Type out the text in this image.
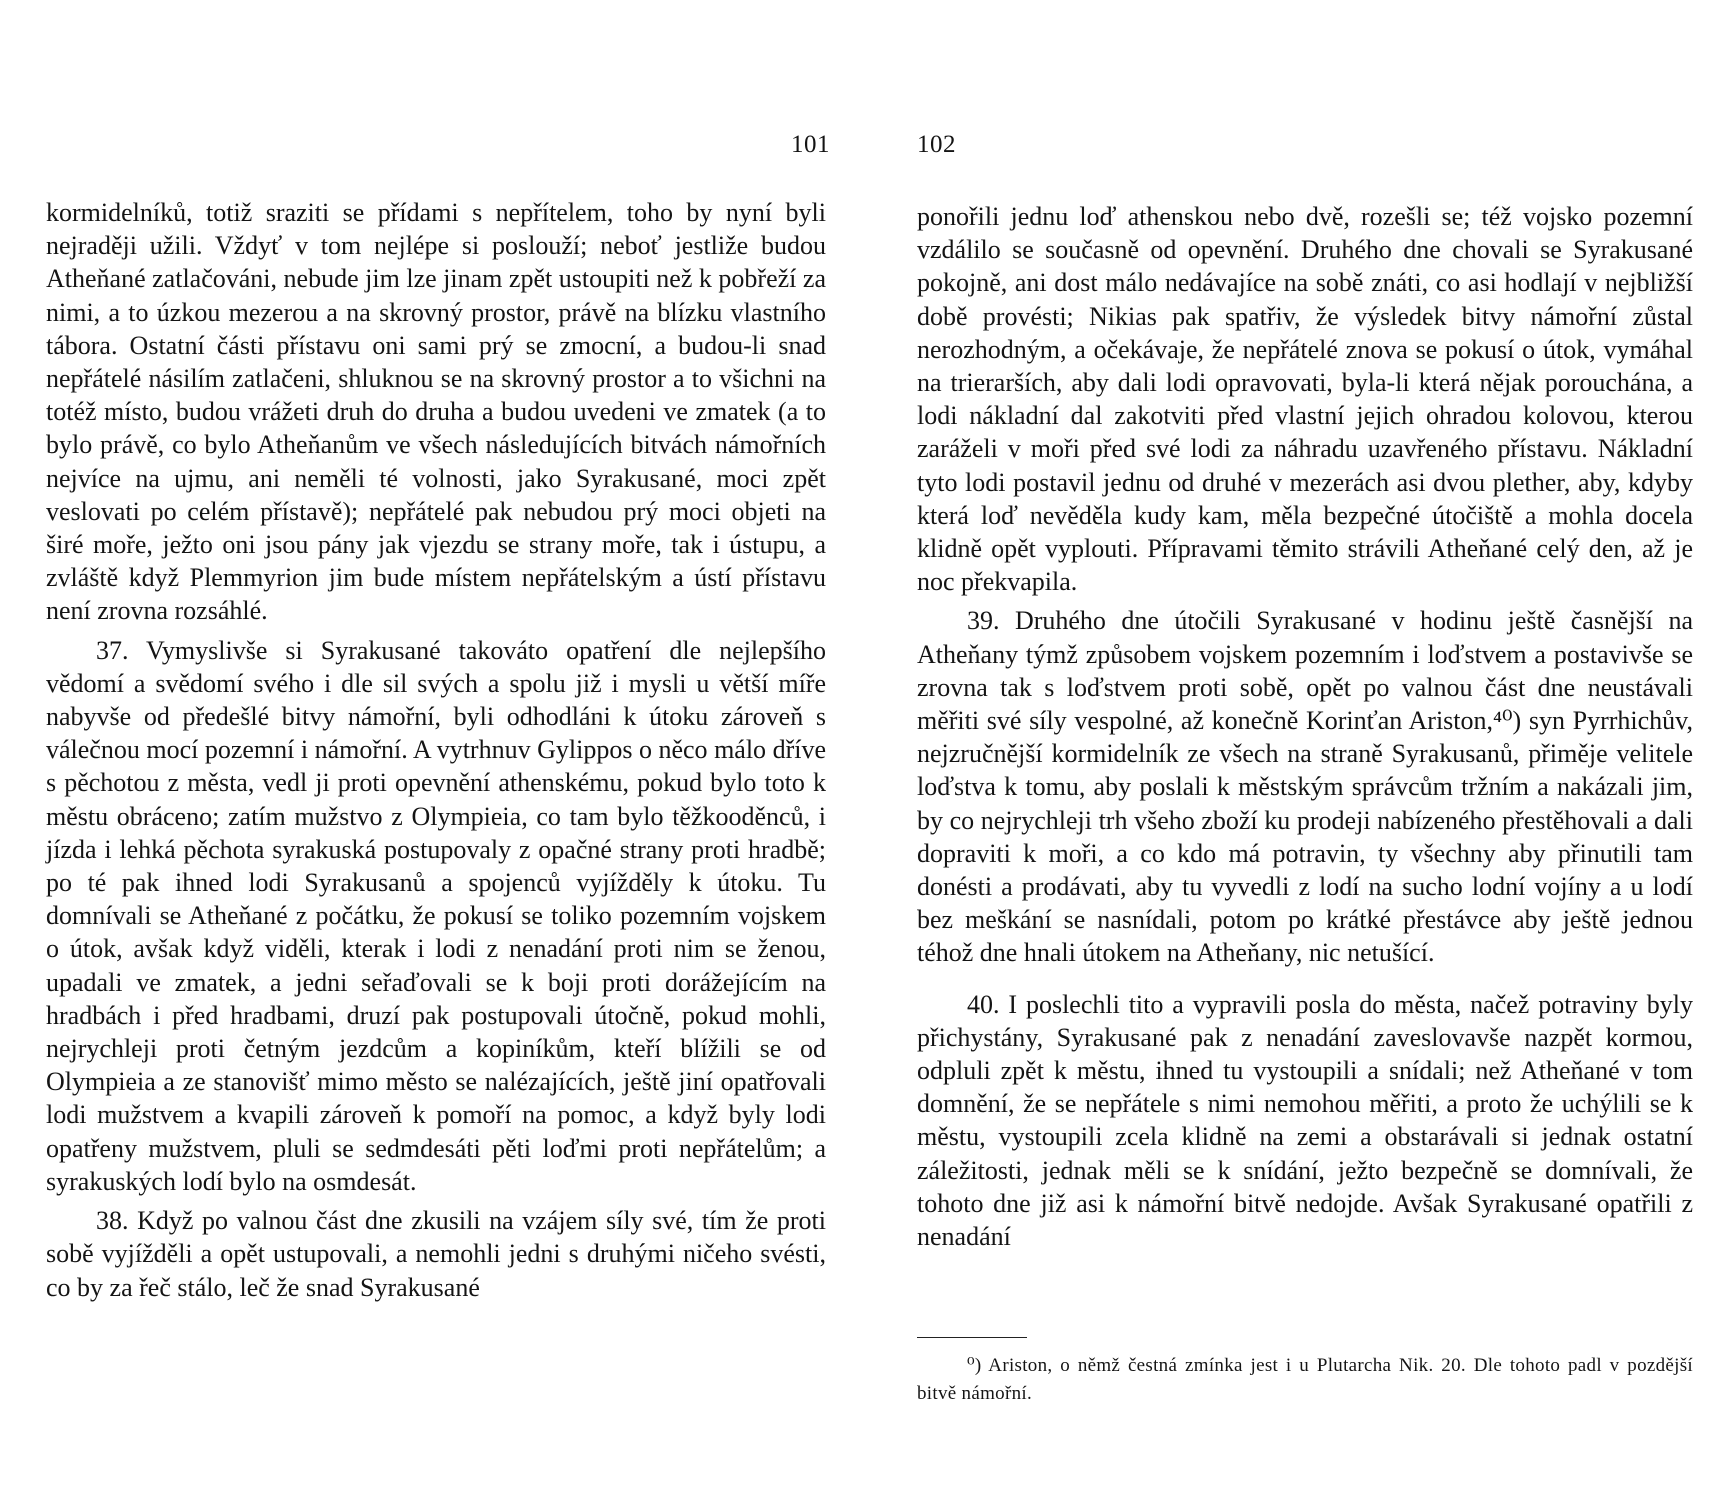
101

kormidelníků, totiž sraziti se přídami s nepřítelem, toho by nyní byli nejraději užili. Vždyť v tom nejlépe si poslouží; neboť jestliže budou Atheňané zatlačováni, nebude jim lze jinam zpět ustoupiti než k pobřeží za nimi, a to úzkou mezerou a na skrovný prostor, právě na blízku vlastního tábora. Ostatní části přístavu oni sami prý se zmocní, a budou-li snad nepřátelé násilím zatlačeni, shluknou se na skrovný prostor a to všichni na totéž místo, budou vrážeti druh do druha a budou uvedeni ve zmatek (a to bylo právě, co bylo Atheňanům ve všech následujících bitvách námořních nejvíce na ujmu, ani neměli té volnosti, jako Syrakusané, moci zpět veslovati po celém přístavě); nepřátelé pak nebudou prý moci objeti na širé moře, ježto oni jsou pány jak vjezdu se strany moře, tak i ústupu, a zvláště když Plemmyrion jim bude místem nepřátelským a ústí přístavu není zrovna rozsáhlé.

37. Vymyslivše si Syrakusané takováto opatření dle nejlepšího vědomí a svědomí svého i dle sil svých a spolu již i mysli u větší míře nabyvše od předešlé bitvy námořní, byli odhodláni k útoku zároveň s válečnou mocí pozemní i námořní. A vytrhnuv Gylippos o něco málo dříve s pěchotou z města, vedl ji proti opevnění athenskému, pokud bylo toto k městu obráceno; zatím mužstvo z Olympieia, co tam bylo těžkooděnců, i jízda i lehká pěchota syrakuská postupovaly z opačné strany proti hradbě; po té pak ihned lodi Syrakusanů a spojenců vyjížděly k útoku. Tu domnívali se Atheňané z počátku, že pokusí se toliko pozemním vojskem o útok, avšak když viděli, kterak i lodi z nenadání proti nim se ženou, upadali ve zmatek, a jedni seřaďovali se k boji proti dorážejícím na hradbách i před hradbami, druzí pak postupovali útočně, pokud mohli, nejrychleji proti četným jezdcům a kopiníkům, kteří blížili se od Olympieia a ze stanovišť mimo město se nalézajících, ještě jiní opatřovali lodi mužstvem a kvapili zároveň k pomoří na pomoc, a když byly lodi opatřeny mužstvem, pluli se sedmdesáti pěti loďmi proti nepřátelům; a syrakuských lodí bylo na osmdesát.

38. Když po valnou část dne zkusili na vzájem síly své, tím že proti sobě vyjížděli a opět ustupovali, a nemohli jedni s druhými ničeho svésti, co by za řeč stálo, leč že snad Syrakusané

102

ponořili jednu loď athenskou nebo dvě, rozešli se; též vojsko pozemní vzdálilo se současně od opevnění. Druhého dne chovali se Syrakusané pokojně, ani dost málo nedávajíce na sobě znáti, co asi hodlají v nejbližší době provésti; Nikias pak spatřiv, že výsledek bitvy námořní zůstal nerozhodným, a očekávaje, že nepřátelé znova se pokusí o útok, vymáhal na trierarších, aby dali lodi opravovati, byla-li která nějak porouchána, a lodi nákladní dal zakotviti před vlastní jejich ohradou kolovou, kterou zaráželi v moři před své lodi za náhradu uzavřeného přístavu. Nákladní tyto lodi postavil jednu od druhé v mezerách asi dvou plether, aby, kdyby která loď nevěděla kudy kam, měla bezpečné útočiště a mohla docela klidně opět vyplouti. Přípravami těmito strávili Atheňané celý den, až je noc překvapila.

39. Druhého dne útočili Syrakusané v hodinu ještě časnější na Atheňany týmž způsobem vojskem pozemním i loďstvem a postavivše se zrovna tak s loďstvem proti sobě, opět po valnou část dne neustávali měřiti své síly vespolné, až konečně Korinťan Ariston,⁴⁰) syn Pyrrhichův, nejzručnější kormidelník ze všech na straně Syrakusanů, přiměje velitele loďstva k tomu, aby poslali k městským správcům tržním a nakázali jim, by co nejrychleji trh všeho zboží ku prodeji nabízeného přestěhovali a dali dopraviti k moři, a co kdo má potravin, ty všechny aby přinutili tam donésti a prodávati, aby tu vyvedli z lodí na sucho lodní vojíny a u lodí bez meškání se nasnídali, potom po krátké přestávce aby ještě jednou téhož dne hnali útokem na Atheňany, nic netušící.

40. I poslechli tito a vypravili posla do města, načež potraviny byly přichystány, Syrakusané pak z nenadání zaveslovavše nazpět kormou, odpluli zpět k městu, ihned tu vystoupili a snídali; než Atheňané v tom domnění, že se nepřátele s nimi nemohou měřiti, a proto že uchýlili se k městu, vystoupili zcela klidně na zemi a obstarávali si jednak ostatní záležitosti, jednak měli se k snídání, ježto bezpečně se domnívali, že tohoto dne již asi k námořní bitvě nedojde. Avšak Syrakusané opatřili z nenadání

⁰) Ariston, o němž čestná zmínka jest i u Plutarcha Nik. 20. Dle tohoto padl v pozdější bitvě námořní.
